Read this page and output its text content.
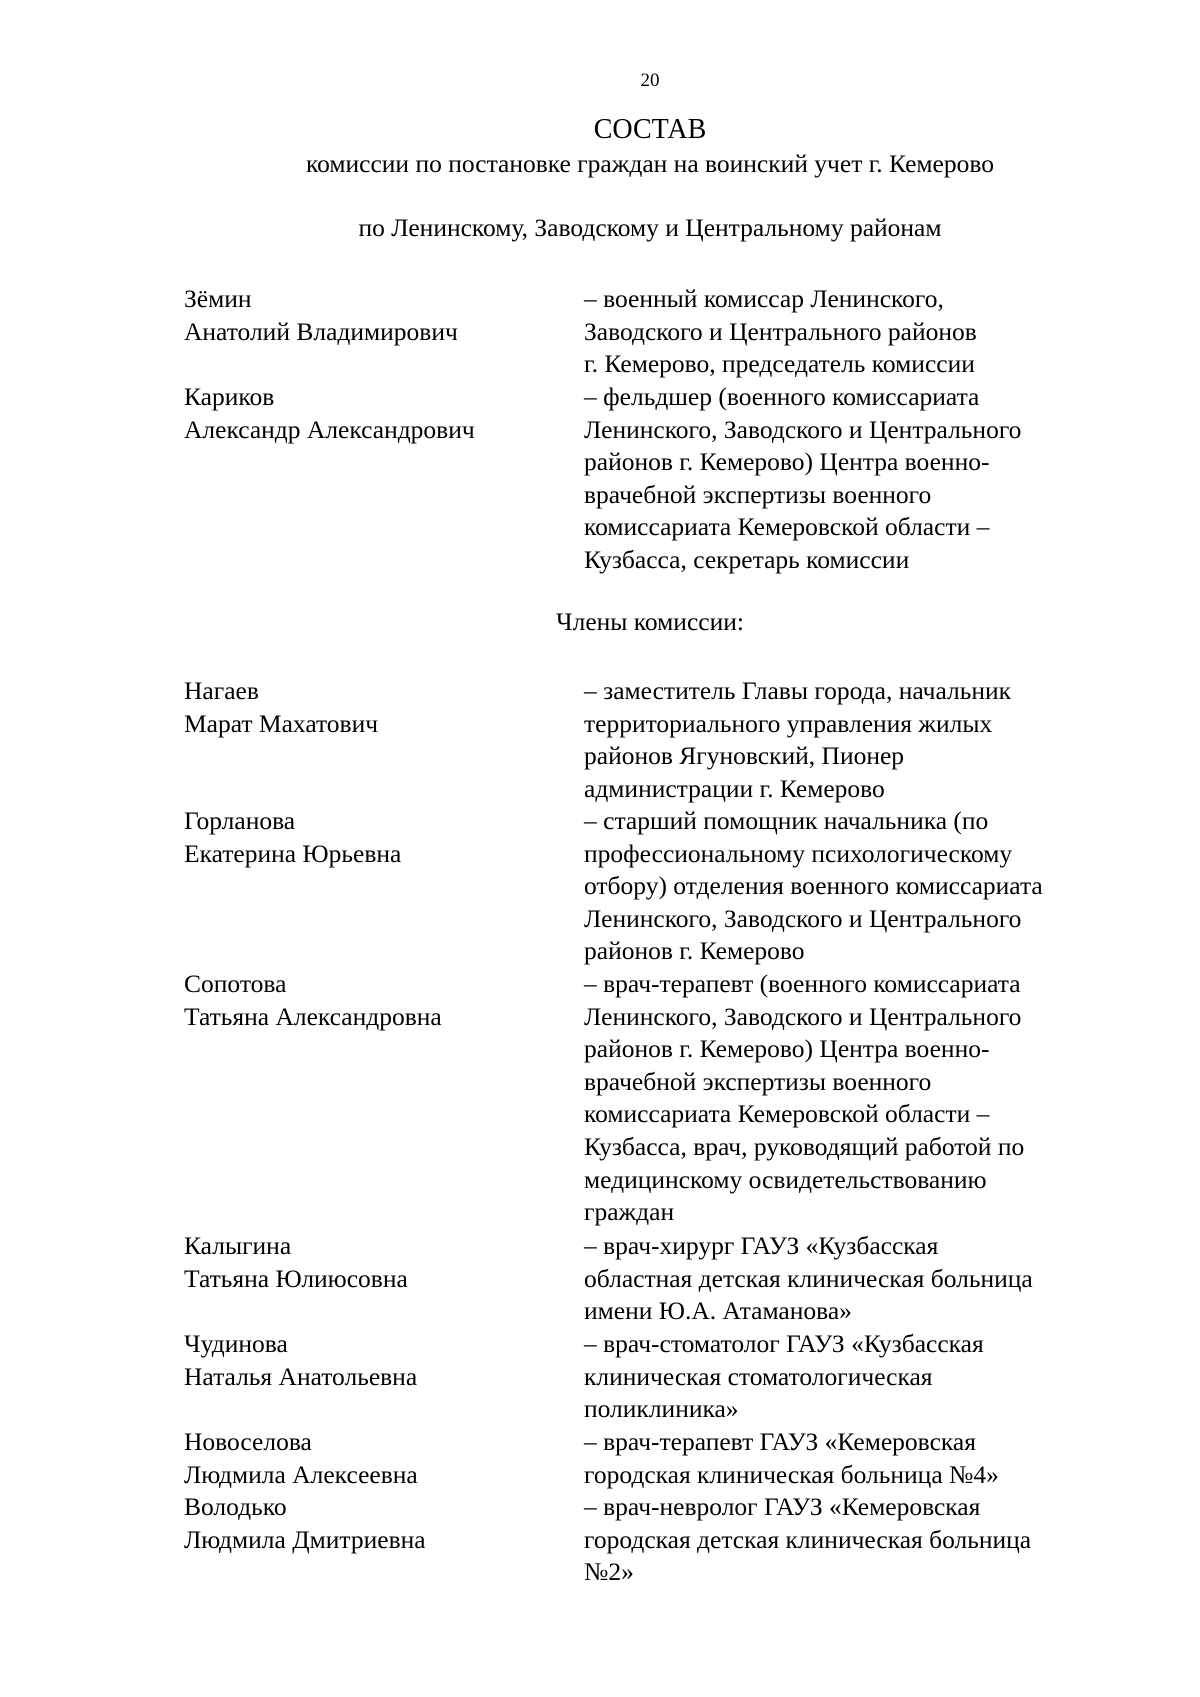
20
СОСТАВ
комиссии по постановке граждан на воинский учет г. Кемерово
по Ленинскому, Заводскому и Центральному районам
Зёмин
Анатолий Владимирович
– военный комиссар Ленинского,
Заводского и Центрального районов
г. Кемерово, председатель комиссии
Кариков
Александр Александрович
– фельдшер (военного комиссариата
Ленинского, Заводского и Центрального
районов г. Кемерово) Центра военно-
врачебной экспертизы военного
комиссариата Кемеровской области –
Кузбасса, секретарь комиссии
Члены комиссии:
Нагаев
Марат Махатович
– заместитель Главы города, начальник
территориального управления жилых
районов Ягуновский, Пионер
администрации г. Кемерово
Горланова
Екатерина Юрьевна
– старший помощник начальника (по
профессиональному психологическому
отбору) отделения военного комиссариата
Ленинского, Заводского и Центрального
районов г. Кемерово
Сопотова
Татьяна Александровна
– врач-терапевт (военного комиссариата
Ленинского, Заводского и Центрального
районов г. Кемерово) Центра военно-
врачебной экспертизы военного
комиссариата Кемеровской области –
Кузбасса, врач, руководящий работой по
медицинскому освидетельствованию
граждан
Калыгина
Татьяна Юлиюсовна
– врач-хирург ГАУЗ «Кузбасская
областная детская клиническая больница
имени Ю.А. Атаманова»
Чудинова
Наталья Анатольевна
– врач-стоматолог ГАУЗ «Кузбасская
клиническая стоматологическая
поликлиника»
Новоселова
Людмила Алексеевна
– врач-терапевт ГАУЗ «Кемеровская
городская клиническая больница №4»
Володько
Людмила Дмитриевна
– врач-невролог ГАУЗ «Кемеровская
городская детская клиническая больница
№2»
